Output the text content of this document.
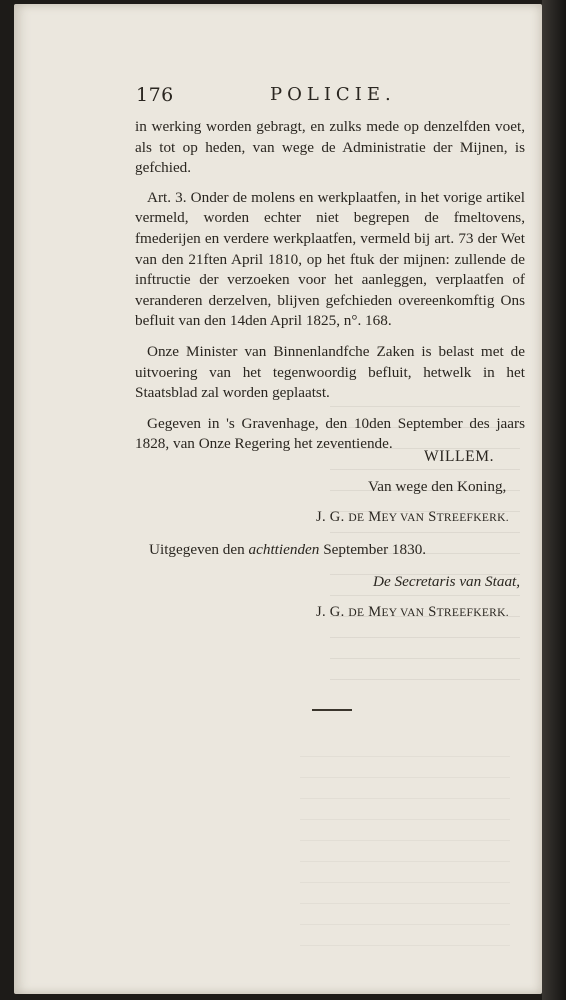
176	POLICIE.

in werking worden gebragt, en zulks mede op denzelfden voet, als tot op heden, van wege de Administratie der Mijnen, is gefchied.

Art. 3. Onder de molens en werkplaatfen, in het vorige artikel vermeld, worden echter niet begrepen de fmeltovens, fmederijen en verdere werkplaatfen, vermeld bij art. 73 der Wet van den 21ften April 1810, op het ftuk der mijnen: zullende de inftructie der verzoeken voor het aanleggen, verplaatfen of veranderen derzelven, blijven gefchieden overeenkomftig Ons befluit van den 14den April 1825, n°. 168.

Onze Minister van Binnenlandfche Zaken is belast met de uitvoering van het tegenwoordig befluit, hetwelk in het Staatsblad zal worden geplaatst.

Gegeven in 's Gravenhage, den 10den September des jaars 1828, van Onze Regering het zeventiende.

WILLEM.
Van wege den Koning,
J. G. DE MEY VAN STREEFKERK.
Uitgegeven den achttienden September 1830.
De Secretaris van Staat,
J. G. DE MEY VAN STREEFKERK.
